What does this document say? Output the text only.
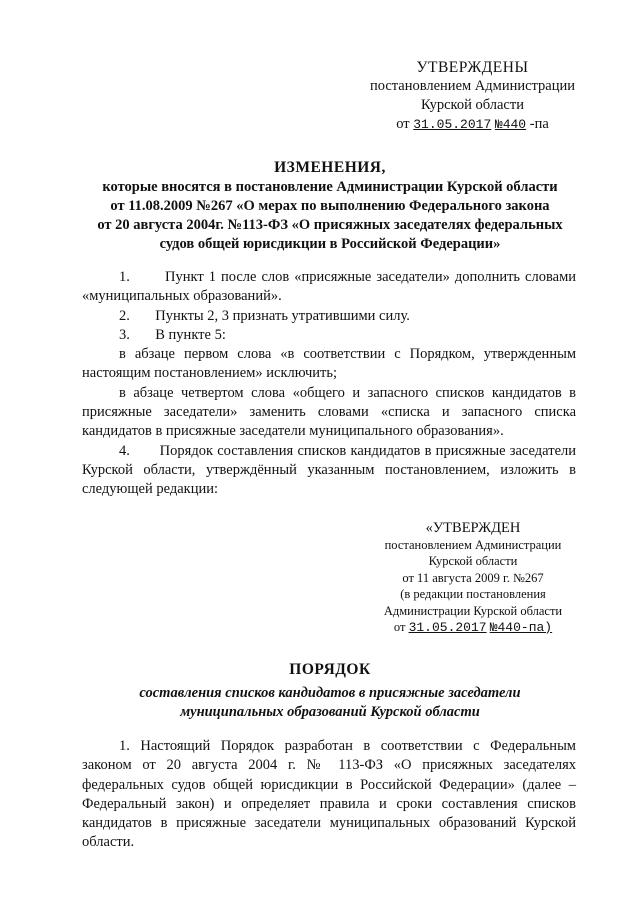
УТВЕРЖДЕНЫ
постановлением Администрации
Курской области
от 31.05.2017 №440 -па
ИЗМЕНЕНИЯ,
которые вносятся в постановление Администрации Курской области
от 11.08.2009 №267 «О мерах по выполнению Федерального закона
от 20 августа 2004г. №113-ФЗ «О присяжных заседателях федеральных
судов общей юрисдикции в Российской Федерации»

1. Пункт 1 после слов «присяжные заседатели» дополнить словами «муниципальных образований».

2. Пункты 2, 3 признать утратившими силу.

3. В пункте 5:

в абзаце первом слова «в соответствии с Порядком, утвержденным настоящим постановлением» исключить;

в абзаце четвертом слова «общего и запасного списков кандидатов в присяжные заседатели» заменить словами «списка и запасного списка кандидатов в присяжные заседатели муниципального образования».

4. Порядок составления списков кандидатов в присяжные заседатели Курской области, утверждённый указанным постановлением, изложить в следующей редакции:

«УТВЕРЖДЕН
постановлением Администрации
Курской области
от 11 августа 2009 г. №267
(в редакции постановления
Администрации Курской области
от 31.05.2017 №440-па)
ПОРЯДОК
составления списков кандидатов в присяжные заседатели
муниципальных образований Курской области

1. Настоящий Порядок разработан в соответствии с Федеральным законом от 20 августа 2004 г. № 113-ФЗ «О присяжных заседателях федеральных судов общей юрисдикции в Российской Федерации» (далее – Федеральный закон) и определяет правила и сроки составления списков кандидатов в присяжные заседатели муниципальных образований Курской области.
